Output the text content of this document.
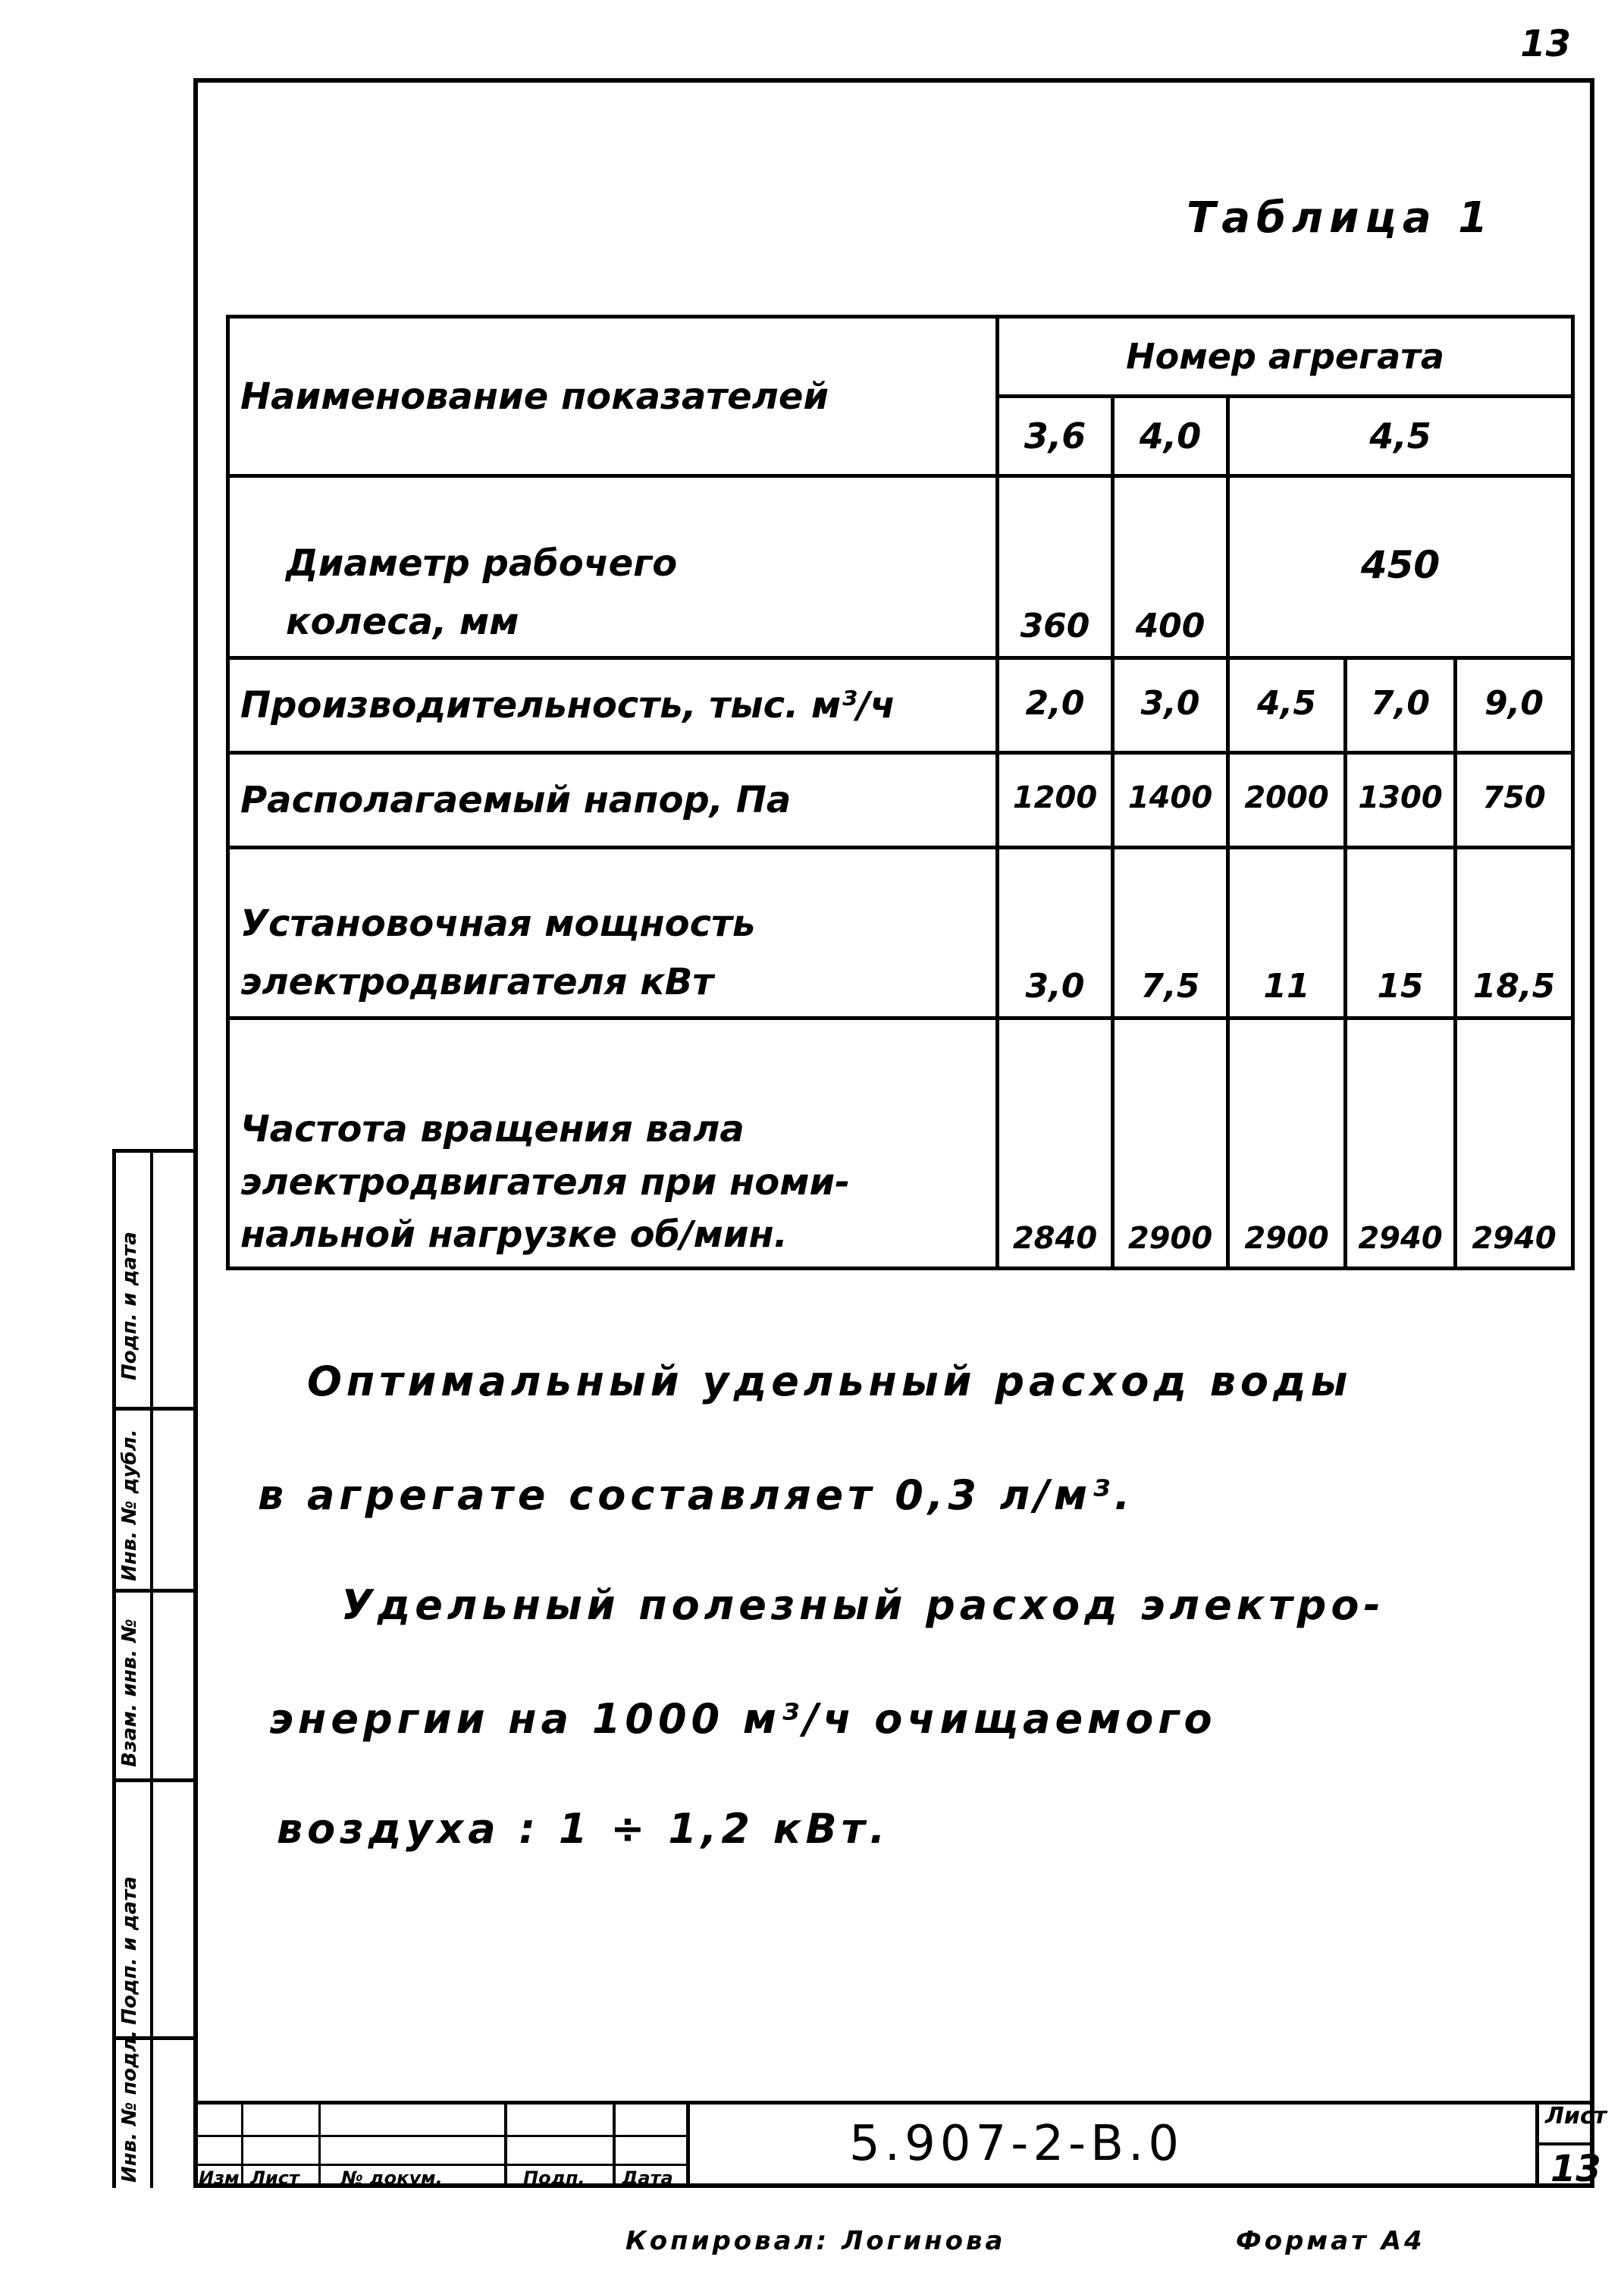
13
Таблица 1
Наименование показателей	Номер агрегата				
	3,6	4,0	4,5		

Диаметр рабочего
колеса, мм	360	400	450		
Производительность, тыс. м³/ч	2,0	3,0	4,5	7,0	9,0
Располагаемый напор, Па	1200	1400	2000	1300	750

Установочная мощность
электродвигателя кВт	3,0	7,5	11	15	18,5

Частота вращения вала
электродвигателя при номи-
нальной нагрузке об/мин.	2840	2900	2900	2940	2940
Оптимальный удельный расход воды
в агрегате составляет 0,3 л/м³.
Удельный полезный расход электро-
энергии на 1000 м³/ч очищаемого
воздуха : 1 ÷ 1,2 кВт.
Подп. и дата
Инв. № дубл.
Взам. инв. №
Подп. и дата
Инв. № подл.	Изм Лист № докум.	Подп. Дата
5.907-2-В.0	Лист
13
Копировал: Логинова	Формат А4
